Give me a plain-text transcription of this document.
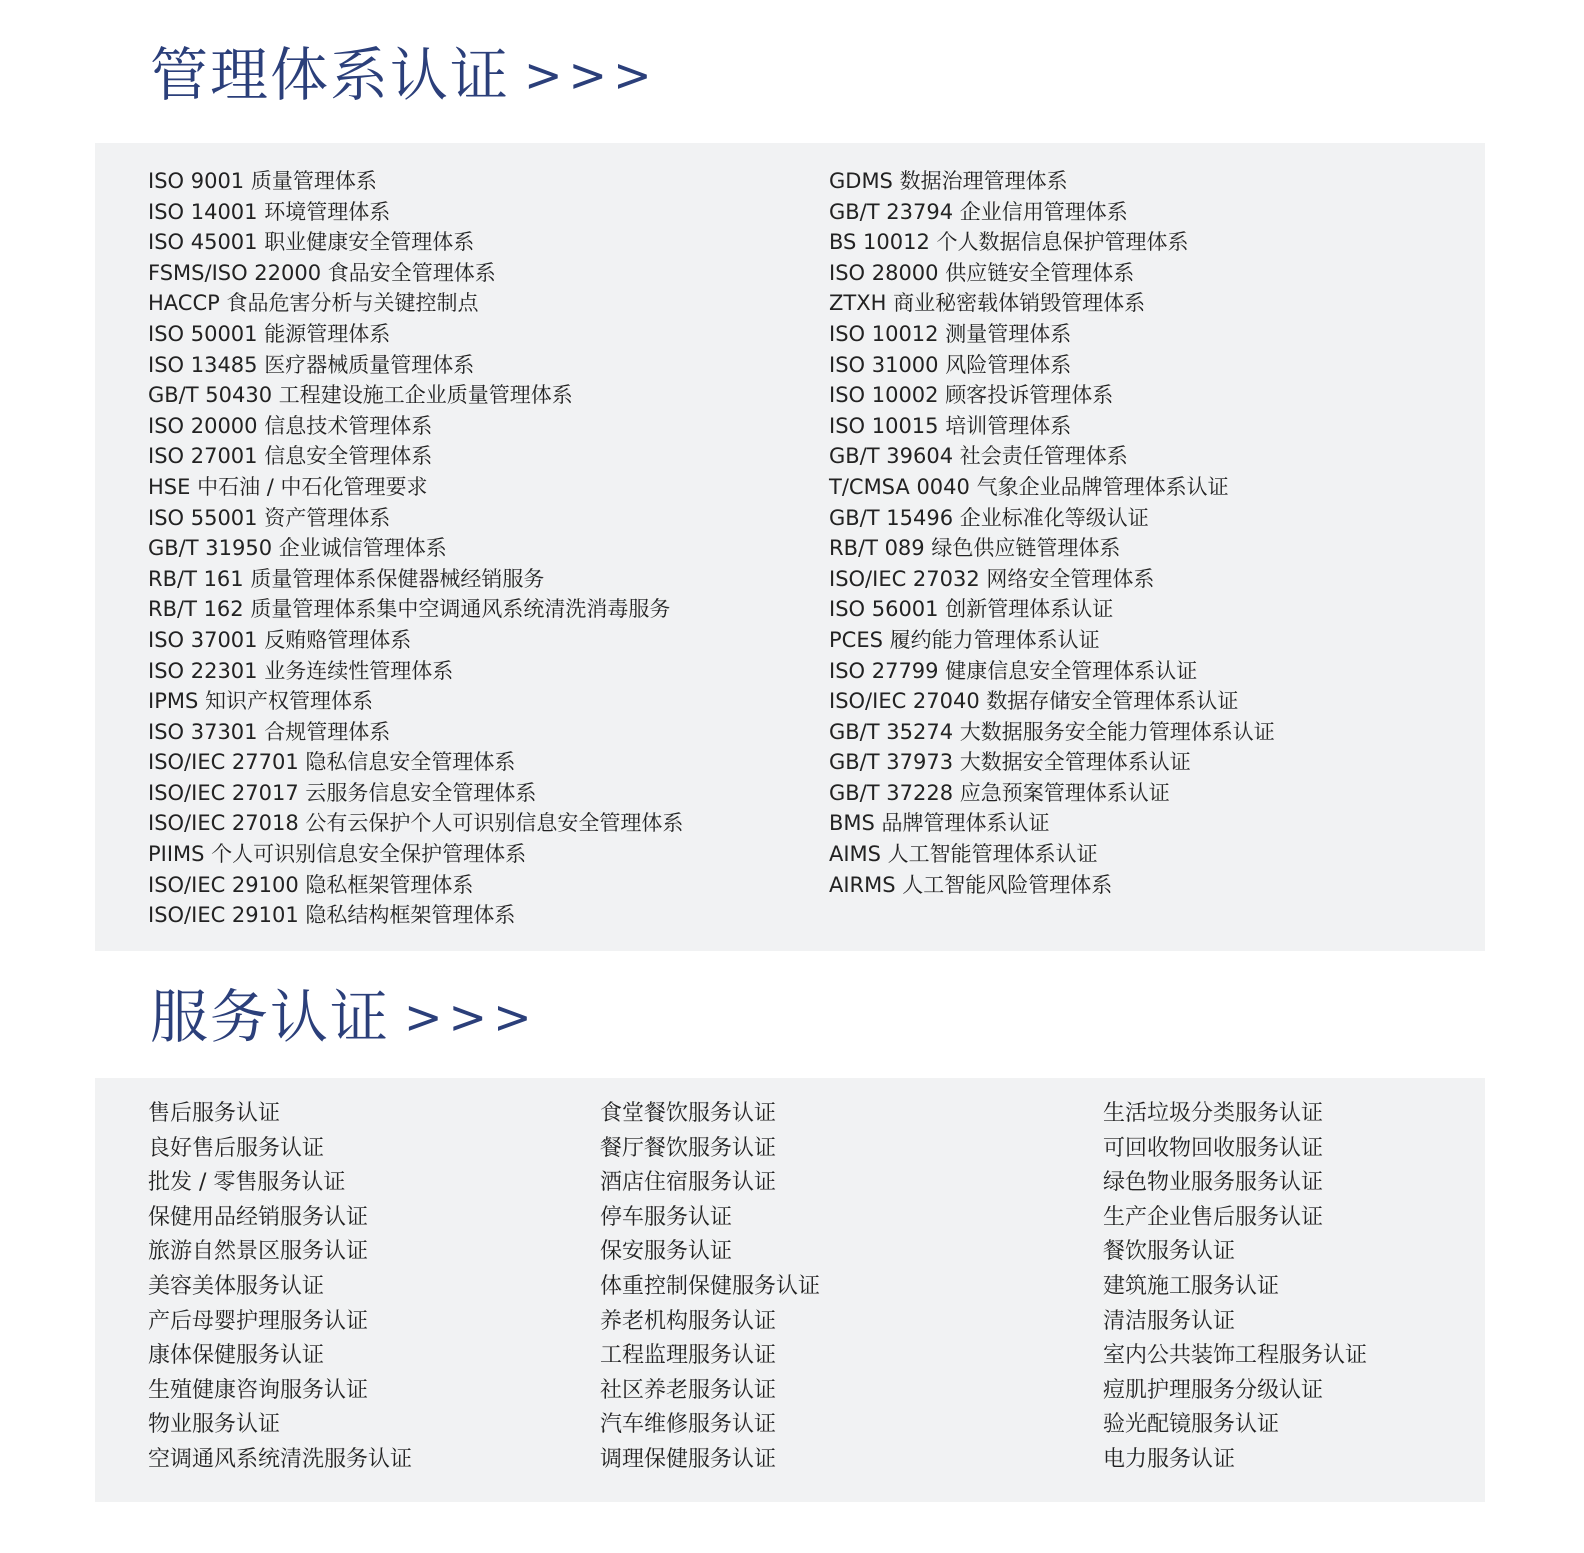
管理体系认证 >>>
ISO 9001 质量管理体系
ISO 14001 环境管理体系
ISO 45001 职业健康安全管理体系
FSMS/ISO 22000 食品安全管理体系
HACCP 食品危害分析与关键控制点
ISO 50001 能源管理体系
ISO 13485 医疗器械质量管理体系
GB/T 50430 工程建设施工企业质量管理体系
ISO 20000 信息技术管理体系
ISO 27001 信息安全管理体系
HSE 中石油 / 中石化管理要求
ISO 55001 资产管理体系
GB/T 31950 企业诚信管理体系
RB/T 161 质量管理体系保健器械经销服务
RB/T 162 质量管理体系集中空调通风系统清洗消毒服务
ISO 37001 反贿赂管理体系
ISO 22301 业务连续性管理体系
IPMS 知识产权管理体系
ISO 37301 合规管理体系
ISO/IEC 27701 隐私信息安全管理体系
ISO/IEC 27017 云服务信息安全管理体系
ISO/IEC 27018 公有云保护个人可识别信息安全管理体系
PIIMS 个人可识别信息安全保护管理体系
ISO/IEC 29100 隐私框架管理体系
ISO/IEC 29101 隐私结构框架管理体系
GDMS 数据治理管理体系
GB/T 23794 企业信用管理体系
BS 10012 个人数据信息保护管理体系
ISO 28000 供应链安全管理体系
ZTXH 商业秘密载体销毁管理体系
ISO 10012 测量管理体系
ISO 31000 风险管理体系
ISO 10002 顾客投诉管理体系
ISO 10015 培训管理体系
GB/T 39604 社会责任管理体系
T/CMSA 0040 气象企业品牌管理体系认证
GB/T 15496 企业标准化等级认证
RB/T 089 绿色供应链管理体系
ISO/IEC 27032 网络安全管理体系
ISO 56001 创新管理体系认证
PCES 履约能力管理体系认证
ISO 27799 健康信息安全管理体系认证
ISO/IEC 27040 数据存储安全管理体系认证
GB/T 35274 大数据服务安全能力管理体系认证
GB/T 37973 大数据安全管理体系认证
GB/T 37228 应急预案管理体系认证
BMS 品牌管理体系认证
AIMS 人工智能管理体系认证
AIRMS 人工智能风险管理体系
服务认证 >>>
售后服务认证
良好售后服务认证
批发 / 零售服务认证
保健用品经销服务认证
旅游自然景区服务认证
美容美体服务认证
产后母婴护理服务认证
康体保健服务认证
生殖健康咨询服务认证
物业服务认证
空调通风系统清洗服务认证
食堂餐饮服务认证
餐厅餐饮服务认证
酒店住宿服务认证
停车服务认证
保安服务认证
体重控制保健服务认证
养老机构服务认证
工程监理服务认证
社区养老服务认证
汽车维修服务认证
调理保健服务认证
生活垃圾分类服务认证
可回收物回收服务认证
绿色物业服务服务认证
生产企业售后服务认证
餐饮服务认证
建筑施工服务认证
清洁服务认证
室内公共装饰工程服务认证
痘肌护理服务分级认证
验光配镜服务认证
电力服务认证
